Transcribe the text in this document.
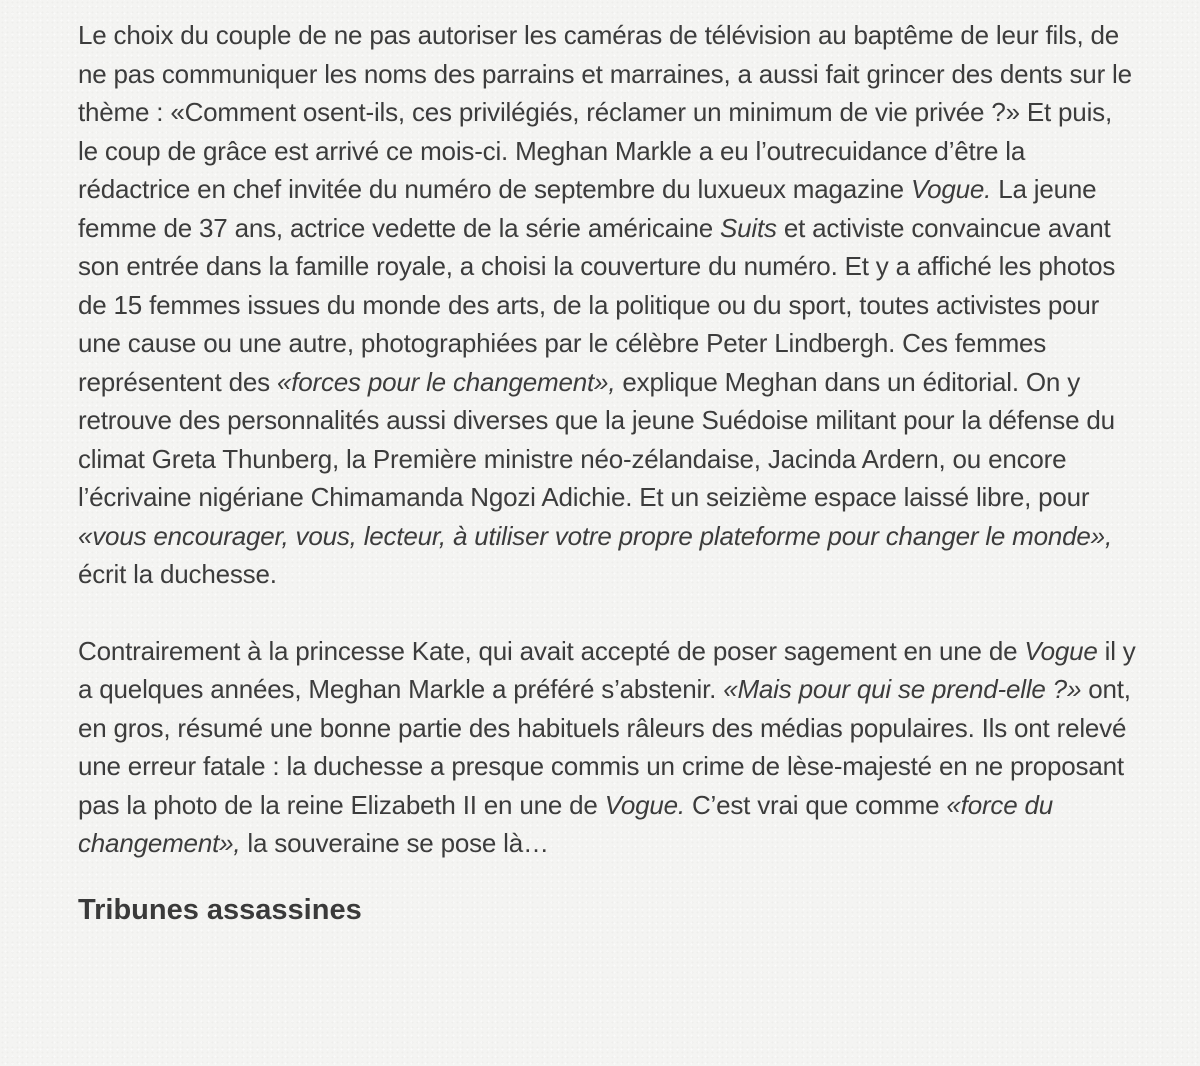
Le choix du couple de ne pas autoriser les caméras de télévision au baptême de leur fils, de ne pas communiquer les noms des parrains et marraines, a aussi fait grincer des dents sur le thème : «Comment osent-ils, ces privilégiés, réclamer un minimum de vie privée ?» Et puis, le coup de grâce est arrivé ce mois-ci. Meghan Markle a eu l’outrecuidance d’être la rédactrice en chef invitée du numéro de septembre du luxueux magazine Vogue. La jeune femme de 37 ans, actrice vedette de la série américaine Suits et activiste convaincue avant son entrée dans la famille royale, a choisi la couverture du numéro. Et y a affiché les photos de 15 femmes issues du monde des arts, de la politique ou du sport, toutes activistes pour une cause ou une autre, photographiées par le célèbre Peter Lindbergh. Ces femmes représentent des «forces pour le changement», explique Meghan dans un éditorial. On y retrouve des personnalités aussi diverses que la jeune Suédoise militant pour la défense du climat Greta Thunberg, la Première ministre néo-zélandaise, Jacinda Ardern, ou encore l’écrivaine nigériane Chimamanda Ngozi Adichie. Et un seizième espace laissé libre, pour «vous encourager, vous, lecteur, à utiliser votre propre plateforme pour changer le monde», écrit la duchesse.

Contrairement à la princesse Kate, qui avait accepté de poser sagement en une de Vogue il y a quelques années, Meghan Markle a préféré s’abstenir. «Mais pour qui se prend-elle ?» ont, en gros, résumé une bonne partie des habituels râleurs des médias populaires. Ils ont relevé une erreur fatale : la duchesse a presque commis un crime de lèse-majesté en ne proposant pas la photo de la reine Elizabeth II en une de Vogue. C’est vrai que comme «force du changement», la souveraine se pose là…

Tribunes assassines
